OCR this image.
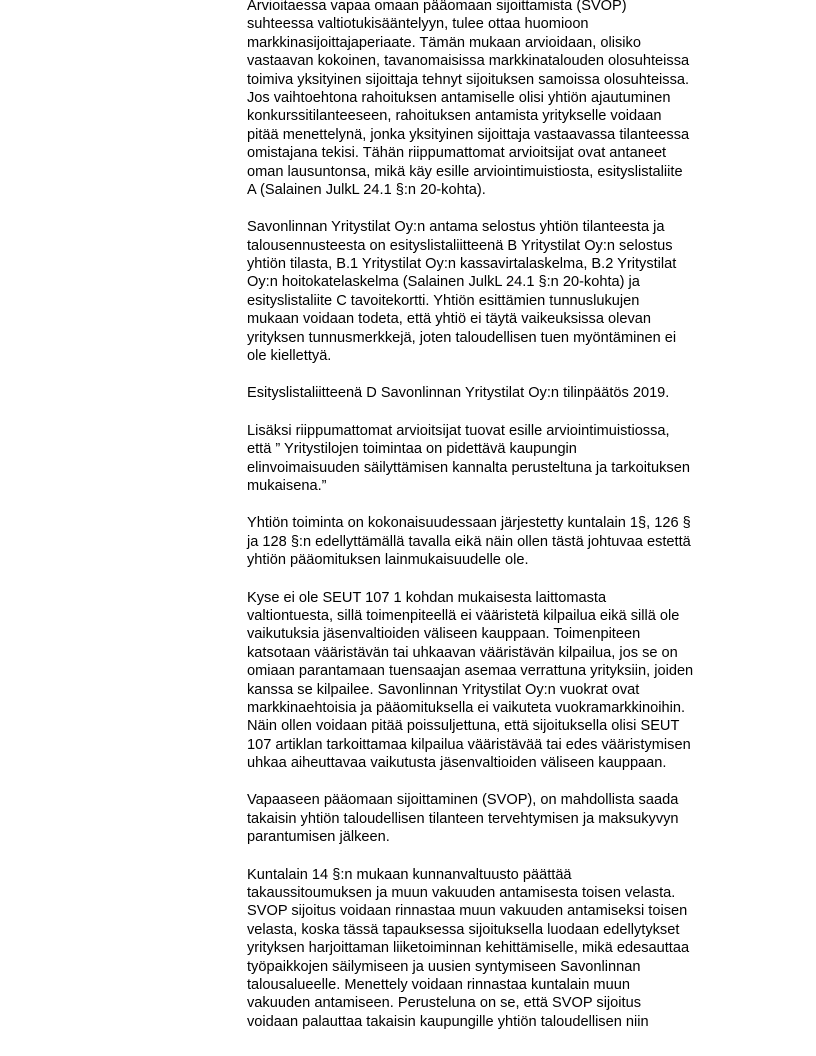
Arvioitaessa vapaa omaan pääomaan sijoittamista (SVOP)
suhteessa valtiotukisääntelyyn, tulee ottaa huomioon
markkinasijoittajaperiaate. Tämän mukaan arvioidaan, olisiko
vastaavan kokoinen, tavanomaisissa markkinatalouden olosuhteissa
toimiva yksityinen sijoittaja tehnyt sijoituksen samoissa olosuhteissa.
Jos vaihtoehtona rahoituksen antamiselle olisi yhtiön ajautuminen
konkurssitilanteeseen, rahoituksen antamista yritykselle voidaan
pitää menettelynä, jonka yksityinen sijoittaja vastaavassa tilanteessa
omistajana tekisi. Tähän riippumattomat arvioitsijat ovat antaneet
oman lausuntonsa, mikä käy esille arviointimuistiosta, esityslistaliite
A (Salainen JulkL 24.1 §:n 20-kohta).

Savonlinnan Yritystilat Oy:n antama selostus yhtiön tilanteesta ja
talousennusteesta on esityslistaliitteenä B Yritystilat Oy:n selostus
yhtiön tilasta, B.1 Yritystilat Oy:n kassavirtalaskelma, B.2 Yritystilat
Oy:n hoitokatelaskelma (Salainen JulkL 24.1 §:n 20-kohta) ja
esityslistaliite C tavoitekortti. Yhtiön esittämien tunnuslukujen
mukaan voidaan todeta, että yhtiö ei täytä vaikeuksissa olevan
yrityksen tunnusmerkkejä, joten taloudellisen tuen myöntäminen ei
ole kiellettyä.

Esityslistaliitteenä D Savonlinnan Yritystilat Oy:n tilinpäätös 2019.

Lisäksi riippumattomat arvioitsijat tuovat esille arviointimuistiossa,
että ” Yritystilojen toimintaa on pidettävä kaupungin
elinvoimaisuuden säilyttämisen kannalta perusteltuna ja tarkoituksen
mukaisena.”

Yhtiön toiminta on kokonaisuudessaan järjestetty kuntalain 1§, 126 §
ja 128 §:n edellyttämällä tavalla eikä näin ollen tästä johtuvaa estettä
yhtiön pääomituksen lainmukaisuudelle ole.

Kyse ei ole SEUT 107 1 kohdan mukaisesta laittomasta
valtiontuesta, sillä toimenpiteellä ei vääristetä kilpailua eikä sillä ole
vaikutuksia jäsenvaltioiden väliseen kauppaan. Toimenpiteen
katsotaan vääristävän tai uhkaavan vääristävän kilpailua, jos se on
omiaan parantamaan tuensaajan asemaa verrattuna yrityksiin, joiden
kanssa se kilpailee. Savonlinnan Yritystilat Oy:n vuokrat ovat
markkinaehtoisia ja pääomituksella ei vaikuteta vuokramarkkinoihin.
Näin ollen voidaan pitää poissuljettuna, että sijoituksella olisi SEUT
107 artiklan tarkoittamaa kilpailua vääristävää tai edes vääristymisen
uhkaa aiheuttavaa vaikutusta jäsenvaltioiden väliseen kauppaan.

Vapaaseen pääomaan sijoittaminen (SVOP), on mahdollista saada
takaisin yhtiön taloudellisen tilanteen tervehtymisen ja maksukyvyn
parantumisen jälkeen.

Kuntalain 14 §:n mukaan kunnanvaltuusto päättää
takaussitoumuksen ja muun vakuuden antamisesta toisen velasta.
SVOP sijoitus voidaan rinnastaa muun vakuuden antamiseksi toisen
velasta, koska tässä tapauksessa sijoituksella luodaan edellytykset
yrityksen harjoittaman liiketoiminnan kehittämiselle, mikä edesauttaa
työpaikkojen säilymiseen ja uusien syntymiseen Savonlinnan
talousalueelle. Menettely voidaan rinnastaa kuntalain muun
vakuuden antamiseen. Perusteluna on se, että SVOP sijoitus
voidaan palauttaa takaisin kaupungille yhtiön taloudellisen niin
